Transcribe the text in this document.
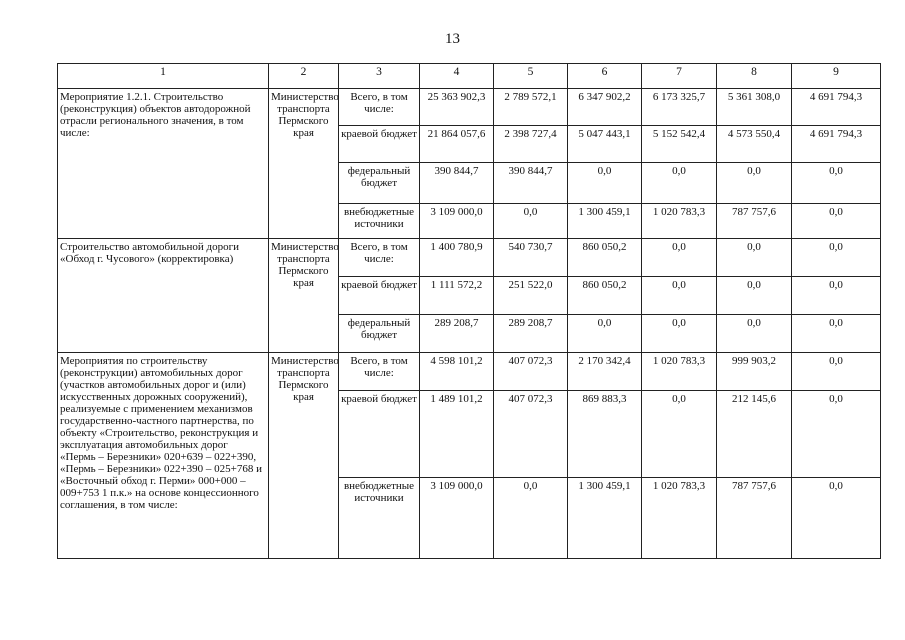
13
1	2	3	4	5	6	7	8	9
Мероприятие 1.2.1. Строительство (реконструкция) объектов автодорожной отрасли регионального значения, в том числе:	Министерство транспорта Пермского края	Всего, в том числе:	25 363 902,3	2 789 572,1	6 347 902,2	6 173 325,7	5 361 308,0	4 691 794,3
		краевой бюджет	21 864 057,6	2 398 727,4	5 047 443,1	5 152 542,4	4 573 550,4	4 691 794,3
		федеральный бюджет	390 844,7	390 844,7	0,0	0,0	0,0	0,0
		внебюджетные источники	3 109 000,0	0,0	1 300 459,1	1 020 783,3	787 757,6	0,0
Строительство автомобильной дороги «Обход г. Чусового» (корректировка)	Министерство транспорта Пермского края	Всего, в том числе:	1 400 780,9	540 730,7	860 050,2	0,0	0,0	0,0
		краевой бюджет	1 111 572,2	251 522,0	860 050,2	0,0	0,0	0,0
		федеральный бюджет	289 208,7	289 208,7	0,0	0,0	0,0	0,0
Мероприятия по строительству (реконструкции) автомобильных дорог (участков автомобильных дорог и (или) искусственных дорожных сооружений), реализуемые с применением механизмов государственно-частного партнерства, по объекту «Строительство, реконструкция и эксплуатация автомобильных дорог «Пермь – Березники» 020+639 – 022+390, «Пермь – Березники» 022+390 – 025+768 и «Восточный обход г. Перми» 000+000 – 009+753 1 п.к.» на основе концессионного соглашения, в том числе:	Министерство транспорта Пермского края	Всего, в том числе:	4 598 101,2	407 072,3	2 170 342,4	1 020 783,3	999 903,2	0,0
		краевой бюджет	1 489 101,2	407 072,3	869 883,3	0,0	212 145,6	0,0
		внебюджетные источники	3 109 000,0	0,0	1 300 459,1	1 020 783,3	787 757,6	0,0
